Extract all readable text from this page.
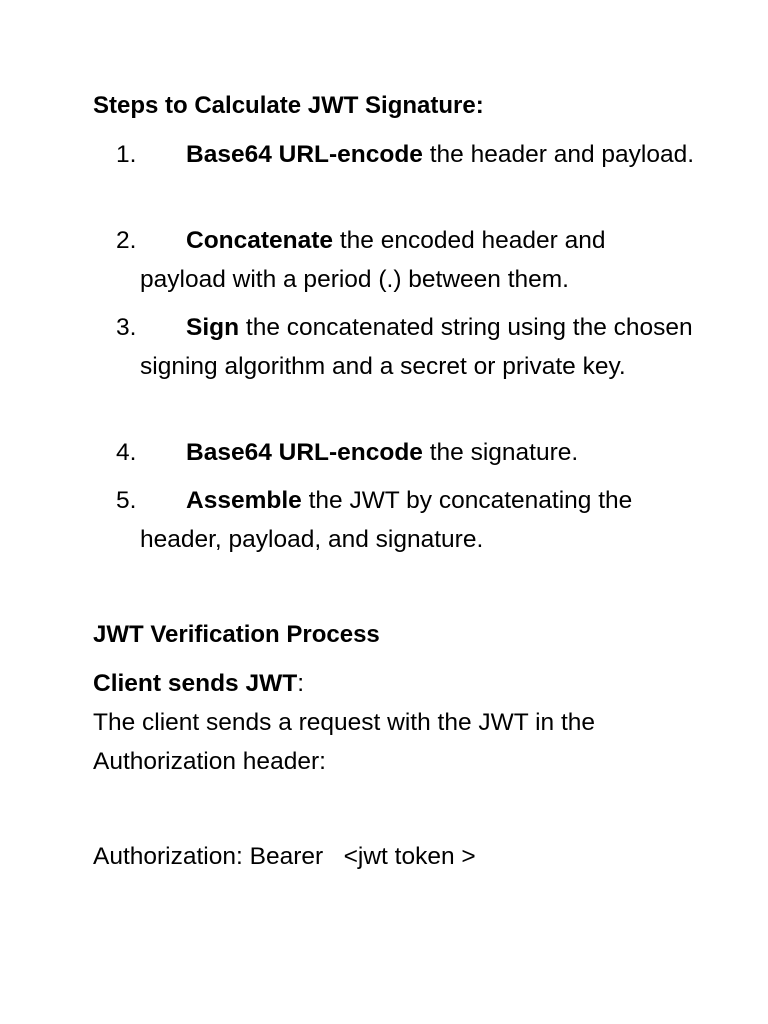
Steps to Calculate JWT Signature:
1.	Base64 URL-encode the header and payload.
2.	Concatenate the encoded header and payload with a period (.) between them.
3.	Sign the concatenated string using the chosen signing algorithm and a secret or private key.
4.	Base64 URL-encode the signature.
5.	Assemble the JWT by concatenating the header, payload, and signature.
JWT Verification Process
Client sends JWT:
The client sends a request with the JWT in the Authorization header:
Authorization: Bearer   <jwt token >
